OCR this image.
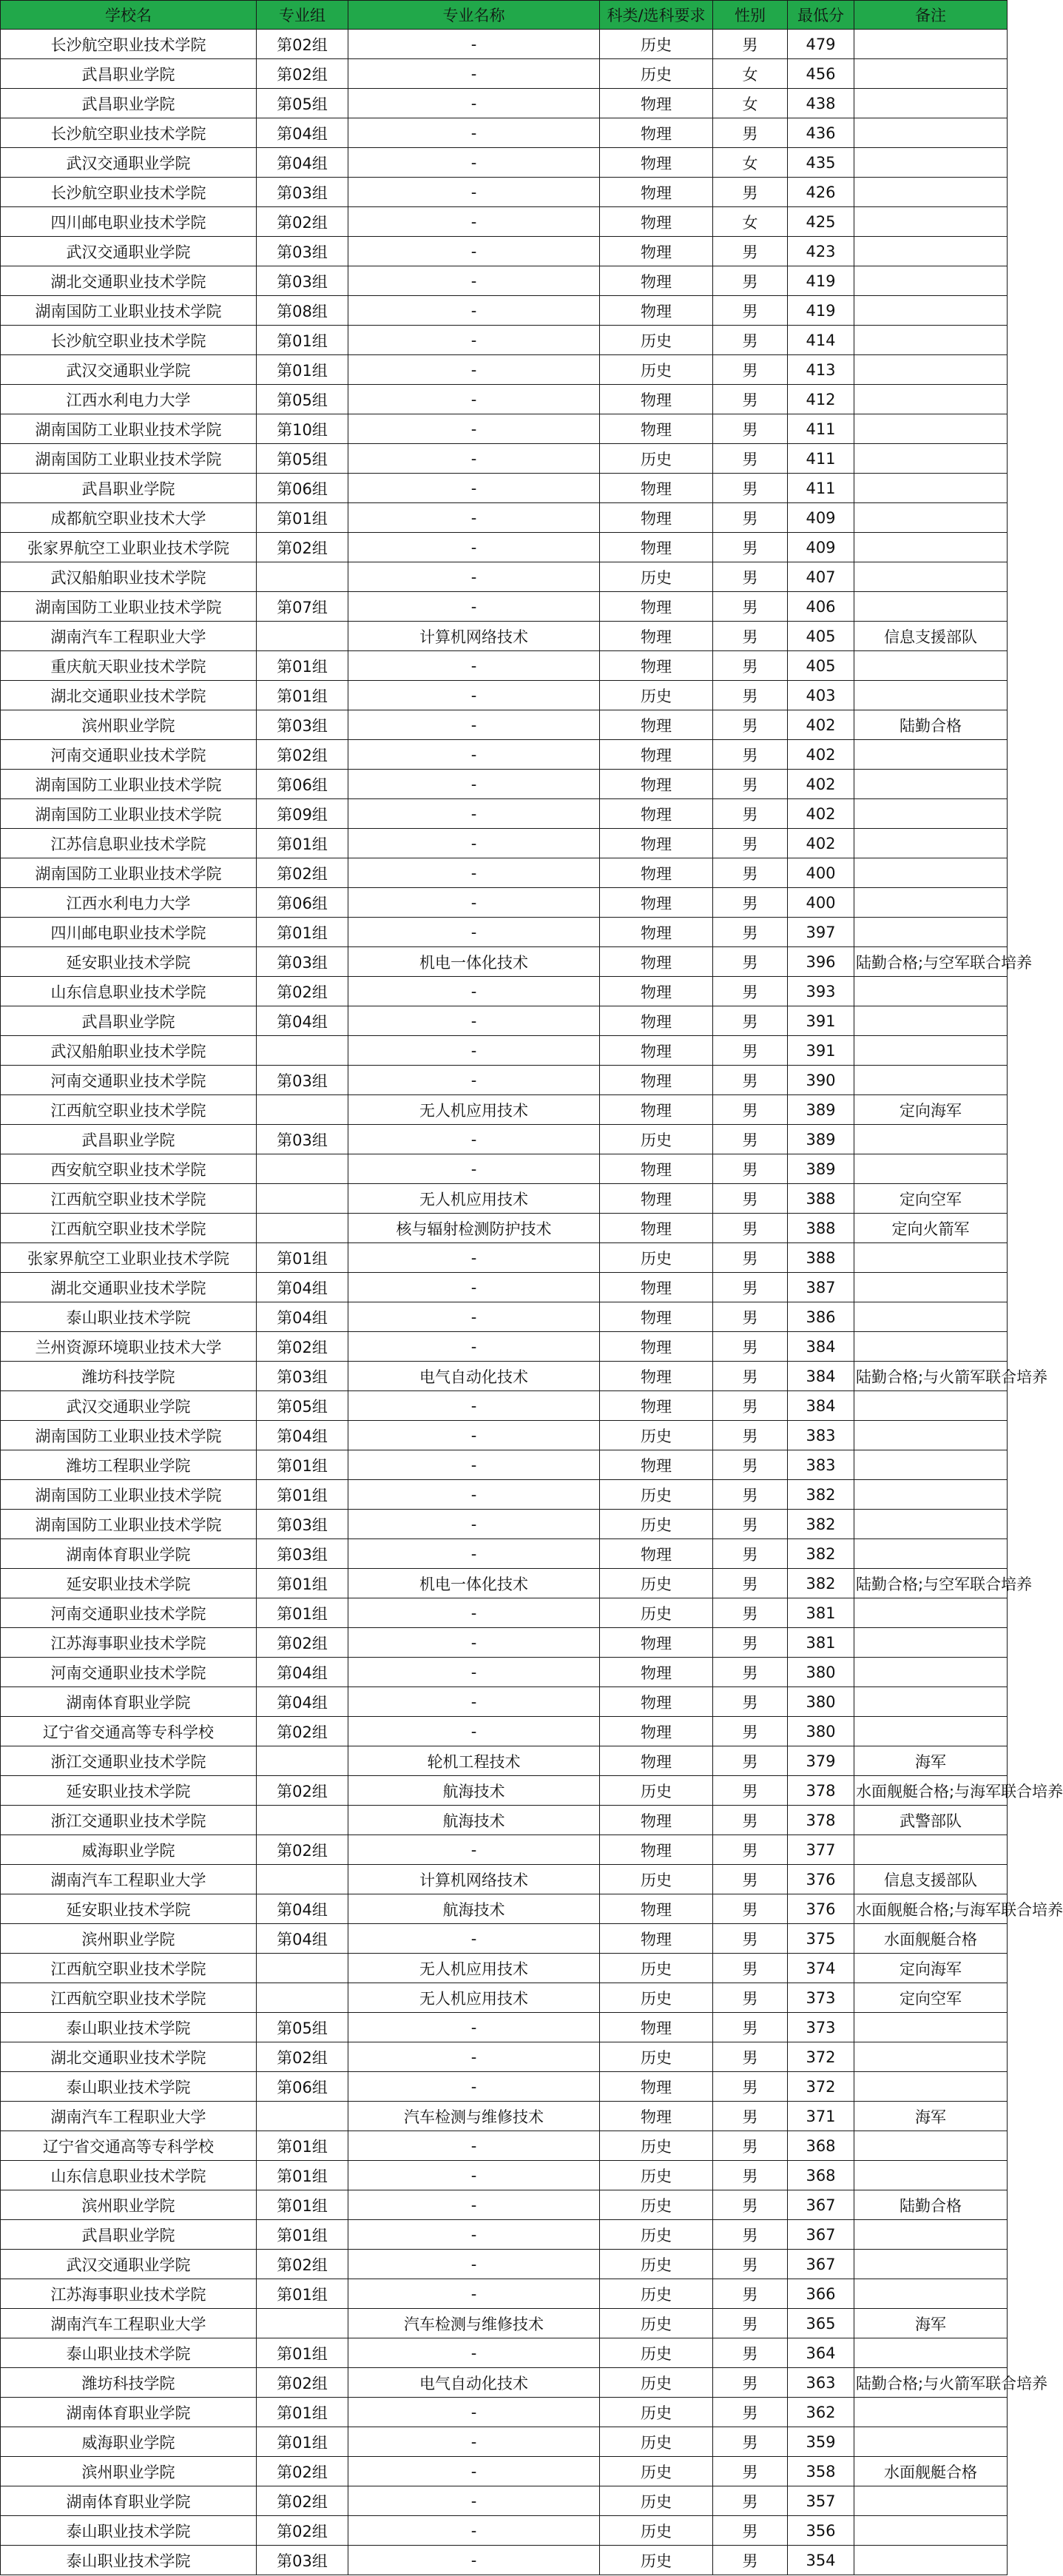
学校名	专业组	专业名称	科类/选科要求	性别	最低分	备注
长沙航空职业技术学院	第02组	-	历史	男	479	
武昌职业学院	第02组	-	历史	女	456	
武昌职业学院	第05组	-	物理	女	438	
长沙航空职业技术学院	第04组	-	物理	男	436	
武汉交通职业学院	第04组	-	物理	女	435	
长沙航空职业技术学院	第03组	-	物理	男	426	
四川邮电职业技术学院	第02组	-	物理	女	425	
武汉交通职业学院	第03组	-	物理	男	423	
湖北交通职业技术学院	第03组	-	物理	男	419	
湖南国防工业职业技术学院	第08组	-	物理	男	419	
长沙航空职业技术学院	第01组	-	历史	男	414	
武汉交通职业学院	第01组	-	历史	男	413	
江西水利电力大学	第05组	-	物理	男	412	
湖南国防工业职业技术学院	第10组	-	物理	男	411	
湖南国防工业职业技术学院	第05组	-	历史	男	411	
武昌职业学院	第06组	-	物理	男	411	
成都航空职业技术大学	第01组	-	物理	男	409	
张家界航空工业职业技术学院	第02组	-	物理	男	409	
武汉船舶职业技术学院		-	历史	男	407	
湖南国防工业职业技术学院	第07组	-	物理	男	406	
湖南汽车工程职业大学		计算机网络技术	物理	男	405	信息支援部队
重庆航天职业技术学院	第01组	-	物理	男	405	
湖北交通职业技术学院	第01组	-	历史	男	403	
滨州职业学院	第03组	-	物理	男	402	陆勤合格
河南交通职业技术学院	第02组	-	物理	男	402	
湖南国防工业职业技术学院	第06组	-	物理	男	402	
湖南国防工业职业技术学院	第09组	-	物理	男	402	
江苏信息职业技术学院	第01组	-	物理	男	402	
湖南国防工业职业技术学院	第02组	-	物理	男	400	
江西水利电力大学	第06组	-	物理	男	400	
四川邮电职业技术学院	第01组	-	物理	男	397	
延安职业技术学院	第03组	机电一体化技术	物理	男	396	陆勤合格;与空军联合培养
山东信息职业技术学院	第02组	-	物理	男	393	
武昌职业学院	第04组	-	物理	男	391	
武汉船舶职业技术学院		-	物理	男	391	
河南交通职业技术学院	第03组	-	物理	男	390	
江西航空职业技术学院		无人机应用技术	物理	男	389	定向海军
武昌职业学院	第03组	-	历史	男	389	
西安航空职业技术学院		-	物理	男	389	
江西航空职业技术学院		无人机应用技术	物理	男	388	定向空军
江西航空职业技术学院		核与辐射检测防护技术	物理	男	388	定向火箭军
张家界航空工业职业技术学院	第01组	-	历史	男	388	
湖北交通职业技术学院	第04组	-	物理	男	387	
泰山职业技术学院	第04组	-	物理	男	386	
兰州资源环境职业技术大学	第02组	-	物理	男	384	
潍坊科技学院	第03组	电气自动化技术	物理	男	384	陆勤合格;与火箭军联合培养
武汉交通职业学院	第05组	-	物理	男	384	
湖南国防工业职业技术学院	第04组	-	历史	男	383	
潍坊工程职业学院	第01组	-	物理	男	383	
湖南国防工业职业技术学院	第01组	-	历史	男	382	
湖南国防工业职业技术学院	第03组	-	历史	男	382	
湖南体育职业学院	第03组	-	物理	男	382	
延安职业技术学院	第01组	机电一体化技术	历史	男	382	陆勤合格;与空军联合培养
河南交通职业技术学院	第01组	-	历史	男	381	
江苏海事职业技术学院	第02组	-	物理	男	381	
河南交通职业技术学院	第04组	-	物理	男	380	
湖南体育职业学院	第04组	-	物理	男	380	
辽宁省交通高等专科学校	第02组	-	物理	男	380	
浙江交通职业技术学院		轮机工程技术	物理	男	379	海军
延安职业技术学院	第02组	航海技术	历史	男	378	水面舰艇合格;与海军联合培养
浙江交通职业技术学院		航海技术	物理	男	378	武警部队
威海职业学院	第02组	-	物理	男	377	
湖南汽车工程职业大学		计算机网络技术	历史	男	376	信息支援部队
延安职业技术学院	第04组	航海技术	物理	男	376	水面舰艇合格;与海军联合培养
滨州职业学院	第04组	-	物理	男	375	水面舰艇合格
江西航空职业技术学院		无人机应用技术	历史	男	374	定向海军
江西航空职业技术学院		无人机应用技术	历史	男	373	定向空军
泰山职业技术学院	第05组	-	物理	男	373	
湖北交通职业技术学院	第02组	-	历史	男	372	
泰山职业技术学院	第06组	-	物理	男	372	
湖南汽车工程职业大学		汽车检测与维修技术	物理	男	371	海军
辽宁省交通高等专科学校	第01组	-	历史	男	368	
山东信息职业技术学院	第01组	-	历史	男	368	
滨州职业学院	第01组	-	历史	男	367	陆勤合格
武昌职业学院	第01组	-	历史	男	367	
武汉交通职业学院	第02组	-	历史	男	367	
江苏海事职业技术学院	第01组	-	历史	男	366	
湖南汽车工程职业大学		汽车检测与维修技术	历史	男	365	海军
泰山职业技术学院	第01组	-	历史	男	364	
潍坊科技学院	第02组	电气自动化技术	历史	男	363	陆勤合格;与火箭军联合培养
湖南体育职业学院	第01组	-	历史	男	362	
威海职业学院	第01组	-	历史	男	359	
滨州职业学院	第02组	-	历史	男	358	水面舰艇合格
湖南体育职业学院	第02组	-	历史	男	357	
泰山职业技术学院	第02组	-	历史	男	356	
泰山职业技术学院	第03组	-	历史	男	354	
